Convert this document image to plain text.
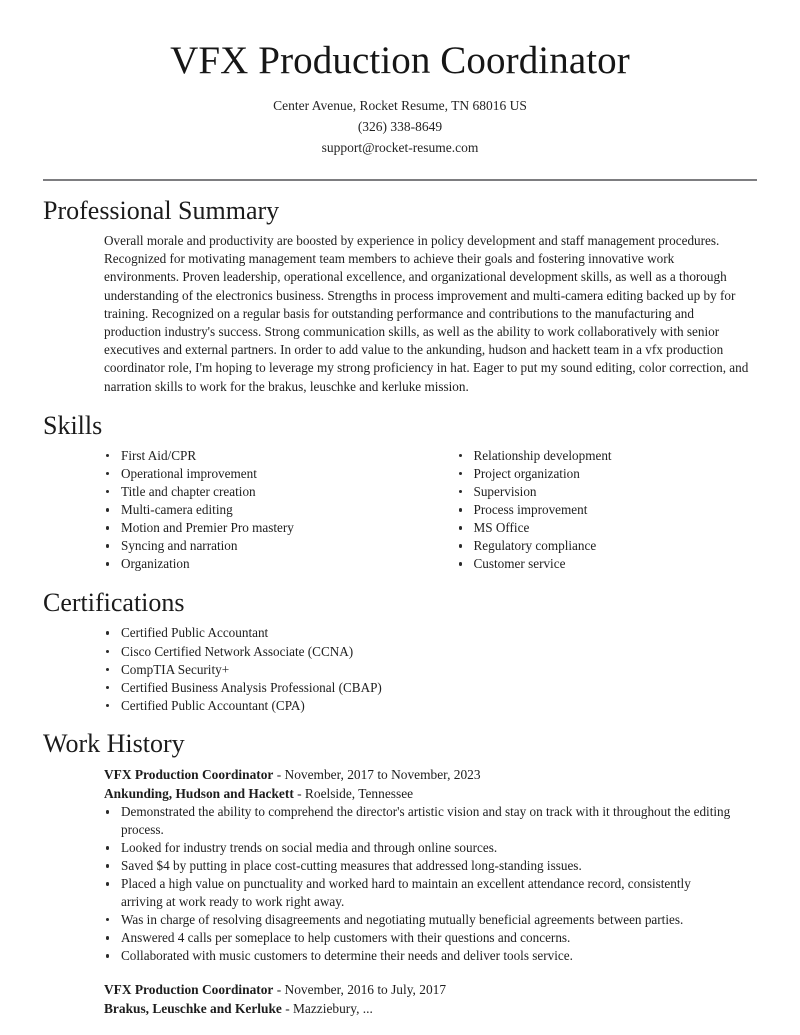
VFX Production Coordinator
Center Avenue, Rocket Resume, TN 68016 US
(326) 338-8649
support@rocket-resume.com
Professional Summary

Overall morale and productivity are boosted by experience in policy development and staff management procedures. Recognized for motivating management team members to achieve their goals and fostering innovative work environments. Proven leadership, operational excellence, and organizational development skills, as well as a thorough understanding of the electronics business. Strengths in process improvement and multi-camera editing backed up by for training. Recognized on a regular basis for outstanding performance and contributions to the manufacturing and production industry's success. Strong communication skills, as well as the ability to work collaboratively with senior executives and external partners. In order to add value to the ankunding, hudson and hackett team in a vfx production coordinator role, I'm hoping to leverage my strong proficiency in hat. Eager to put my sound editing, color correction, and narration skills to work for the brakus, leuschke and kerluke mission.

Skills
First Aid/CPR
Operational improvement
Title and chapter creation
Multi-camera editing
Motion and Premier Pro mastery
Syncing and narration
Organization
Relationship development
Project organization
Supervision
Process improvement
MS Office
Regulatory compliance
Customer service
Certifications
Certified Public Accountant
Cisco Certified Network Associate (CCNA)
CompTIA Security+
Certified Business Analysis Professional (CBAP)
Certified Public Accountant (CPA)
Work History
VFX Production Coordinator - November, 2017 to November, 2023
Ankunding, Hudson and Hackett - Roelside, Tennessee
Demonstrated the ability to comprehend the director's artistic vision and stay on track with it throughout the editing process.
Looked for industry trends on social media and through online sources.
Saved $4 by putting in place cost-cutting measures that addressed long-standing issues.
Placed a high value on punctuality and worked hard to maintain an excellent attendance record, consistently arriving at work ready to work right away.
Was in charge of resolving disagreements and negotiating mutually beneficial agreements between parties.
Answered 4 calls per someplace to help customers with their questions and concerns.
Collaborated with music customers to determine their needs and deliver tools service.
VFX Production Coordinator - November, 2016 to July, 2017
Brakus, Leuschke and Kerluke - Mazziebury, ...
